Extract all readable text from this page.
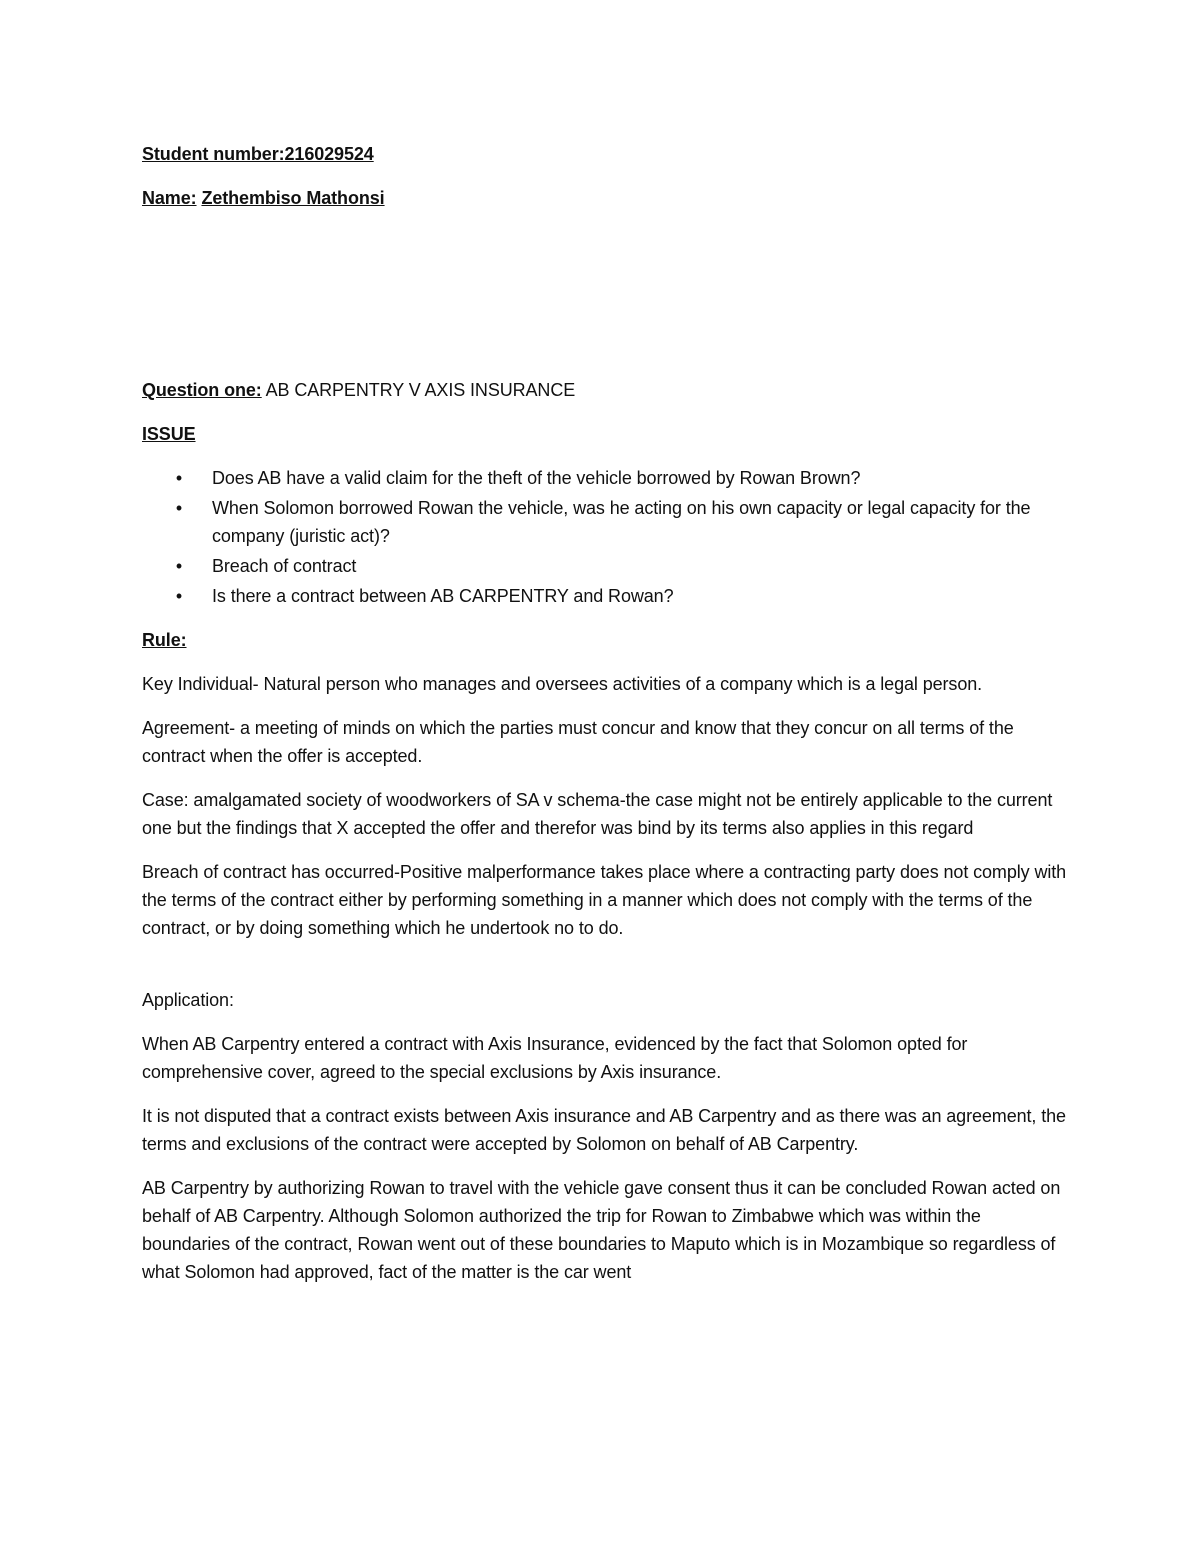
Student number:216029524

Name: Zethembiso Mathonsi

Question one: AB CARPENTRY V AXIS INSURANCE

ISSUE

• Does AB have a valid claim for the theft of the vehicle borrowed by Rowan Brown?
• When Solomon borrowed Rowan the vehicle, was he acting on his own capacity or legal capacity for the company (juristic act)?
• Breach of contract
• Is there a contract between AB CARPENTRY and Rowan?

Rule:

Key Individual- Natural person who manages and oversees activities of a company which is a legal person.

Agreement- a meeting of minds on which the parties must concur and know that they concur on all terms of the contract when the offer is accepted.

Case: amalgamated society of woodworkers of SA v schema-the case might not be entirely applicable to the current one but the findings that X accepted the offer and therefor was bind by its terms also applies in this regard

Breach of contract has occurred-Positive malperformance takes place where a contracting party does not comply with the terms of the contract either by performing something in a manner which does not comply with the terms of the contract, or by doing something which he undertook no to do.

Application:

When AB Carpentry entered a contract with Axis Insurance, evidenced by the fact that Solomon opted for comprehensive cover, agreed to the special exclusions by Axis insurance.

It is not disputed that a contract exists between Axis insurance and AB Carpentry and as there was an agreement, the terms and exclusions of the contract were accepted by Solomon on behalf of AB Carpentry.

AB Carpentry by authorizing Rowan to travel with the vehicle gave consent thus it can be concluded Rowan acted on behalf of AB Carpentry. Although Solomon authorized the trip for Rowan to Zimbabwe which was within the boundaries of the contract, Rowan went out of these boundaries to Maputo which is in Mozambique so regardless of what Solomon had approved, fact of the matter is the car went
